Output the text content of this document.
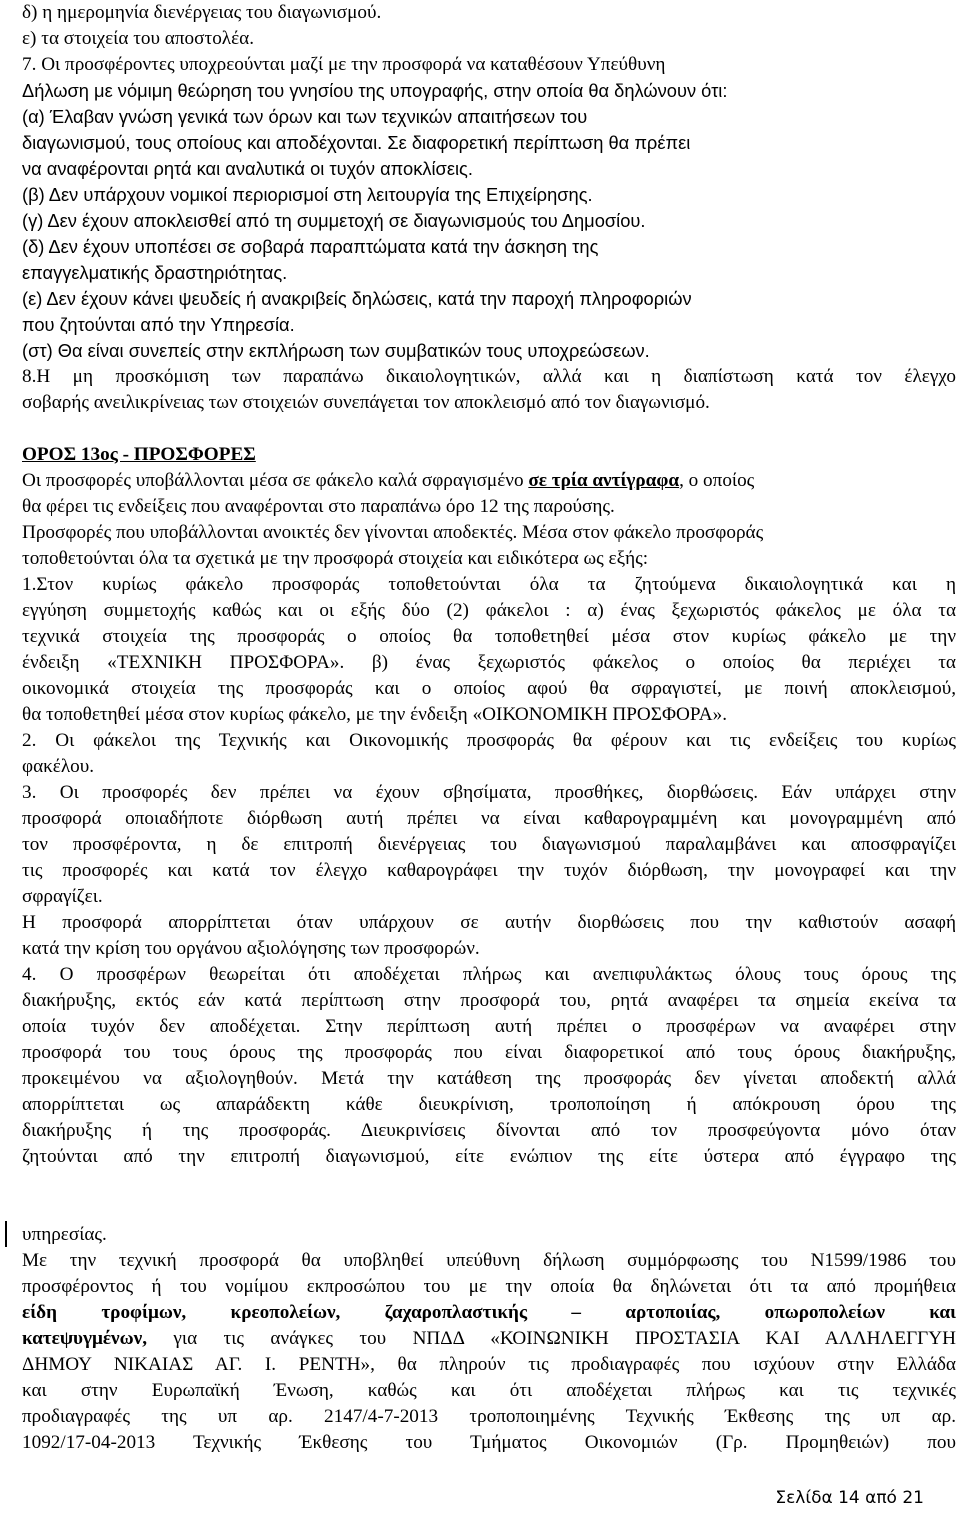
δ) η ημερομηνία διενέργειας του διαγωνισμού.
ε) τα στοιχεία του αποστολέα.
7. Οι προσφέροντες υποχρεούνται μαζί με την προσφορά να καταθέσουν Υπεύθυνη
Δήλωση με νόμιμη θεώρηση του γνησίου της υπογραφής, στην οποία θα δηλώνουν ότι:
(α) Έλαβαν γνώση γενικά των όρων και των τεχνικών απαιτήσεων του
διαγωνισμού, τους οποίους και αποδέχονται. Σε διαφορετική περίπτωση θα πρέπει
να αναφέρονται ρητά και αναλυτικά οι τυχόν αποκλίσεις.
(β) Δεν υπάρχουν νομικοί περιορισμοί στη λειτουργία της Επιχείρησης.
(γ) Δεν έχουν αποκλεισθεί από τη συμμετοχή σε διαγωνισμούς του Δημοσίου.
(δ) Δεν έχουν υποπέσει σε σοβαρά παραπτώματα κατά την άσκηση της
επαγγελματικής δραστηριότητας.
(ε) Δεν έχουν κάνει ψευδείς ή ανακριβείς δηλώσεις, κατά την παροχή πληροφοριών
που ζητούνται από την Υπηρεσία.
(στ) Θα είναι συνεπείς στην εκπλήρωση των συμβατικών τους υποχρεώσεων.
8.Η μη προσκόμιση των παραπάνω δικαιολογητικών, αλλά και η διαπίστωση κατά τον έλεγχο
σοβαρής ανειλικρίνειας των στοιχειών συνεπάγεται τον αποκλεισμό από τον διαγωνισμό.
ΟΡΟΣ 13ος - ΠΡΟΣΦΟΡΕΣ
Οι προσφορές υποβάλλονται μέσα σε φάκελο καλά σφραγισμένο σε τρία αντίγραφα, ο οποίος
θα φέρει τις ενδείξεις που αναφέρονται στο παραπάνω όρο 12 της παρούσης.
Προσφορές που υποβάλλονται ανοικτές δεν γίνονται αποδεκτές. Μέσα στον φάκελο προσφοράς
τοποθετούνται όλα τα σχετικά με την προσφορά στοιχεία και ειδικότερα ως εξής:
1.Στον κυρίως φάκελο προσφοράς τοποθετούνται όλα τα ζητούμενα δικαιολογητικά και η
εγγύηση συμμετοχής καθώς και οι εξής δύο (2) φάκελοι : α) ένας ξεχωριστός φάκελος με όλα τα
τεχνικά στοιχεία της προσφοράς ο οποίος θα τοποθετηθεί μέσα στον κυρίως φάκελο με την
ένδειξη «ΤΕΧΝΙΚΗ ΠΡΟΣΦΟΡΑ». β) ένας ξεχωριστός φάκελος ο οποίος θα περιέχει τα
οικονομικά στοιχεία της προσφοράς και ο οποίος αφού θα σφραγιστεί, με ποινή αποκλεισμού,
θα τοποθετηθεί μέσα στον κυρίως φάκελο, με την ένδειξη «ΟΙΚΟΝΟΜΙΚΗ ΠΡΟΣΦΟΡΑ».
2. Οι φάκελοι της Τεχνικής και Οικονομικής προσφοράς θα φέρουν και τις ενδείξεις του κυρίως
φακέλου.
3. Οι προσφορές δεν πρέπει να έχουν σβησίματα, προσθήκες, διορθώσεις. Εάν υπάρχει στην
προσφορά οποιαδήποτε διόρθωση αυτή πρέπει να είναι καθαρογραμμένη και μονογραμμένη από
τον προσφέροντα, η δε επιτροπή διενέργειας του διαγωνισμού παραλαμβάνει και αποσφραγίζει
τις προσφορές και κατά τον έλεγχο καθαρογράφει την τυχόν διόρθωση, την μονογραφεί και την
σφραγίζει.
Η προσφορά απορρίπτεται όταν υπάρχουν σε αυτήν διορθώσεις που την καθιστούν ασαφή
κατά την κρίση του οργάνου αξιολόγησης των προσφορών.
4. Ο προσφέρων θεωρείται ότι αποδέχεται πλήρως και ανεπιφυλάκτως όλους τους όρους της
διακήρυξης, εκτός εάν κατά περίπτωση στην προσφορά του, ρητά αναφέρει τα σημεία εκείνα τα
οποία τυχόν δεν αποδέχεται. Στην περίπτωση αυτή πρέπει ο προσφέρων να αναφέρει στην
προσφορά του τους όρους της προσφοράς που είναι διαφορετικοί από τους όρους διακήρυξης,
προκειμένου να αξιολογηθούν. Μετά την κατάθεση της προσφοράς δεν γίνεται αποδεκτή αλλά
απορρίπτεται ως απαράδεκτη κάθε διευκρίνιση, τροποποίηση ή απόκρουση όρου της
διακήρυξης ή της προσφοράς. Διευκρινίσεις δίνονται από τον προσφεύγοντα μόνο όταν
ζητούνται από την επιτροπή διαγωνισμού, είτε ενώπιον της είτε ύστερα από έγγραφο της
υπηρεσίας.
Με την τεχνική προσφορά θα υποβληθεί υπεύθυνη δήλωση συμμόρφωσης του Ν1599/1986 του
προσφέροντος ή του νομίμου εκπροσώπου του με την οποία θα δηλώνεται ότι τα από προμήθεια
είδη τροφίμων, κρεοπολείων, ζαχαροπλαστικής – αρτοποιίας, οπωροπολείων και
κατεψυγμένων, για τις ανάγκες του ΝΠΔΔ «ΚΟΙΝΩΝΙΚΗ ΠΡΟΣΤΑΣΙΑ ΚΑΙ ΑΛΛΗΛΕΓΓΥΗ
ΔΗΜΟΥ ΝΙΚΑΙΑΣ ΑΓ. Ι. ΡΕΝΤΗ», θα πληρούν τις προδιαγραφές που ισχύουν στην Ελλάδα
και στην Ευρωπαϊκή Ένωση, καθώς και ότι αποδέχεται πλήρως και τις τεχνικές
προδιαγραφές της υπ αρ. 2147/4-7-2013 τροποποιημένης Τεχνικής Έκθεσης της υπ αρ.
1092/17-04-2013 Τεχνικής Έκθεσης του Τμήματος Οικονομιών (Γρ. Προμηθειών) που
Σελίδα 14 από 21
